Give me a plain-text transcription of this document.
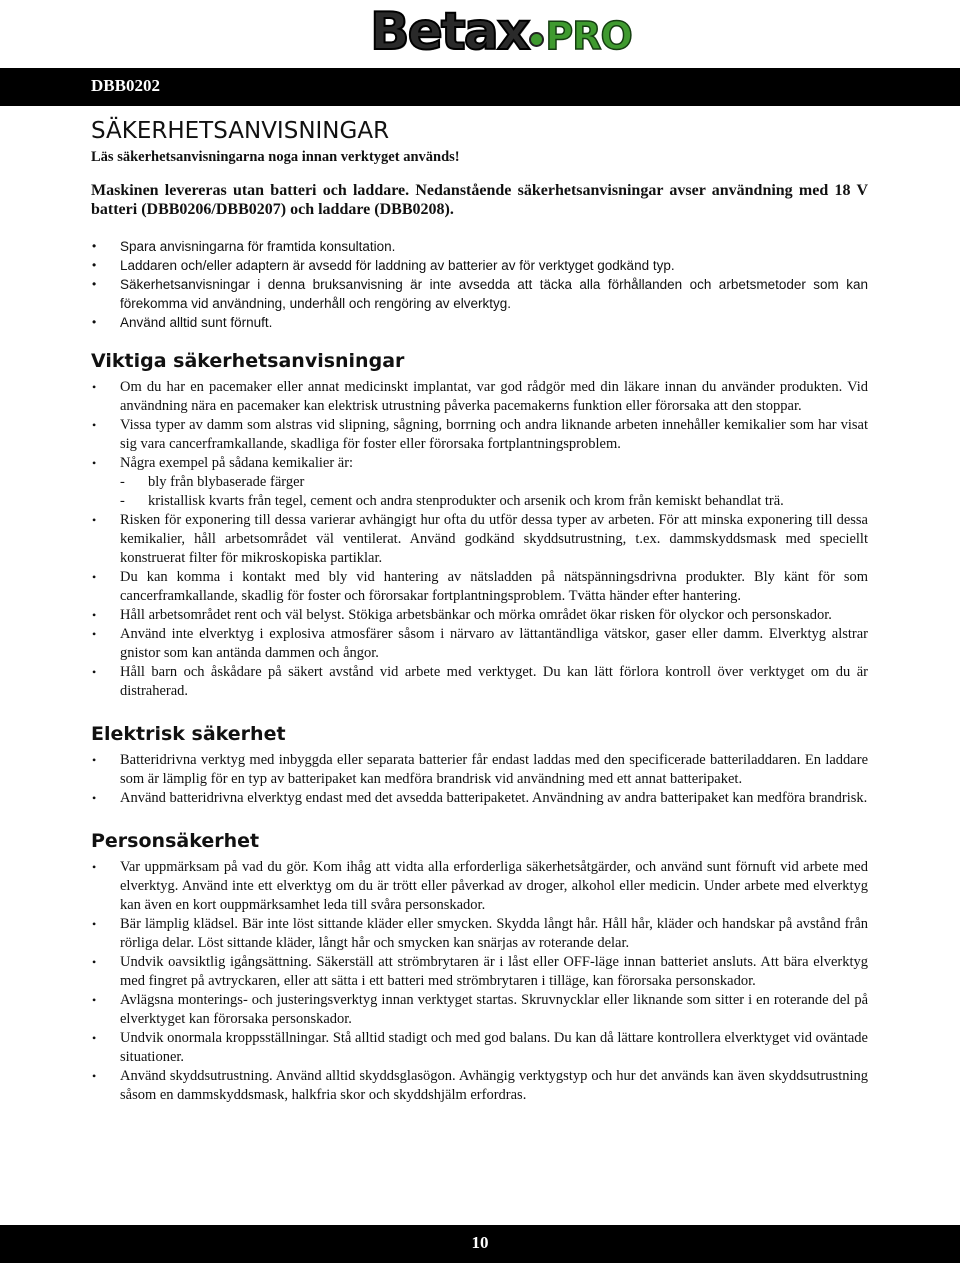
Betax PRO
DBB0202
SÄKERHETSANVISNINGAR

Läs säkerhetsanvisningarna noga innan verktyget används!

Maskinen levereras utan batteri och laddare. Nedanstående säkerhetsanvisningar avser användning med 18 V batteri (DBB0206/DBB0207) och laddare (DBB0208).

• Spara anvisningarna för framtida konsultation.
• Laddaren och/eller adaptern är avsedd för laddning av batterier av för verktyget godkänd typ.
• Säkerhetsanvisningar i denna bruksanvisning är inte avsedda att täcka alla förhållanden och arbetsmetoder som kan förekomma vid användning, underhåll och rengöring av elverktyg.
• Använd alltid sunt förnuft.
Viktiga säkerhetsanvisningar
• Om du har en pacemaker eller annat medicinskt implantat, var god rådgör med din läkare innan du använder produkten. Vid användning nära en pacemaker kan elektrisk utrustning påverka pacemakerns funktion eller förorsaka att den stoppar.
• Vissa typer av damm som alstras vid slipning, sågning, borrning och andra liknande arbeten innehåller kemikalier som har visat sig vara cancerframkallande, skadliga för foster eller förorsaka fortplantningsproblem.
• Några exempel på sådana kemikalier är:
-	bly från blybaserade färger
-	kristallisk kvarts från tegel, cement och andra stenprodukter och arsenik och krom från kemiskt behandlat trä.
• Risken för exponering till dessa varierar avhängigt hur ofta du utför dessa typer av arbeten. För att minska exponering till dessa kemikalier, håll arbetsområdet väl ventilerat. Använd godkänd skyddsutrustning, t.ex. dammskyddsmask med speciellt konstruerat filter för mikroskopiska partiklar.
• Du kan komma i kontakt med bly vid hantering av nätsladden på nätspänningsdrivna produkter. Bly känt för som cancerframkallande, skadlig för foster och förorsakar fortplantningsproblem. Tvätta händer efter hantering.
• Håll arbetsområdet rent och väl belyst. Stökiga arbetsbänkar och mörka området ökar risken för olyckor och personskador.
• Använd inte elverktyg i explosiva atmosfärer såsom i närvaro av lättantändliga vätskor, gaser eller damm. Elverktyg alstrar gnistor som kan antända dammen och ångor.
• Håll barn och åskådare på säkert avstånd vid arbete med verktyget. Du kan lätt förlora kontroll över verktyget om du är distraherad.
Elektrisk säkerhet
• Batteridrivna verktyg med inbyggda eller separata batterier får endast laddas med den specificerade batteriladdaren. En laddare som är lämplig för en typ av batteripaket kan medföra brandrisk vid användning med ett annat batteripaket.
• Använd batteridrivna elverktyg endast med det avsedda batteripaketet. Användning av andra batteripaket kan medföra brandrisk.
Personsäkerhet
• Var uppmärksam på vad du gör. Kom ihåg att vidta alla erforderliga säkerhetsåtgärder, och använd sunt förnuft vid arbete med elverktyg. Använd inte ett elverktyg om du är trött eller påverkad av droger, alkohol eller medicin. Under arbete med elverktyg kan även en kort ouppmärksamhet leda till svåra personskador.
• Bär lämplig klädsel. Bär inte löst sittande kläder eller smycken. Skydda långt hår. Håll hår, kläder och handskar på avstånd från rörliga delar. Löst sittande kläder, långt hår och smycken kan snärjas av roterande delar.
• Undvik oavsiktlig igångsättning. Säkerställ att strömbrytaren är i låst eller OFF-läge innan batteriet ansluts. Att bära elverktyg med fingret på avtryckaren, eller att sätta i ett batteri med strömbrytaren i tilläge, kan förorsaka personskador.
• Avlägsna monterings- och justeringsverktyg innan verktyget startas. Skruvnycklar eller liknande som sitter i en roterande del på elverktyget kan förorsaka personskador.
• Undvik onormala kroppsställningar. Stå alltid stadigt och med god balans. Du kan då lättare kontrollera elverktyget vid oväntade situationer.
• Använd skyddsutrustning. Använd alltid skyddsglasögon. Avhängig verktygstyp och hur det används kan även skyddsutrustning såsom en dammskyddsmask, halkfria skor och skyddshjälm erfordras.
10
